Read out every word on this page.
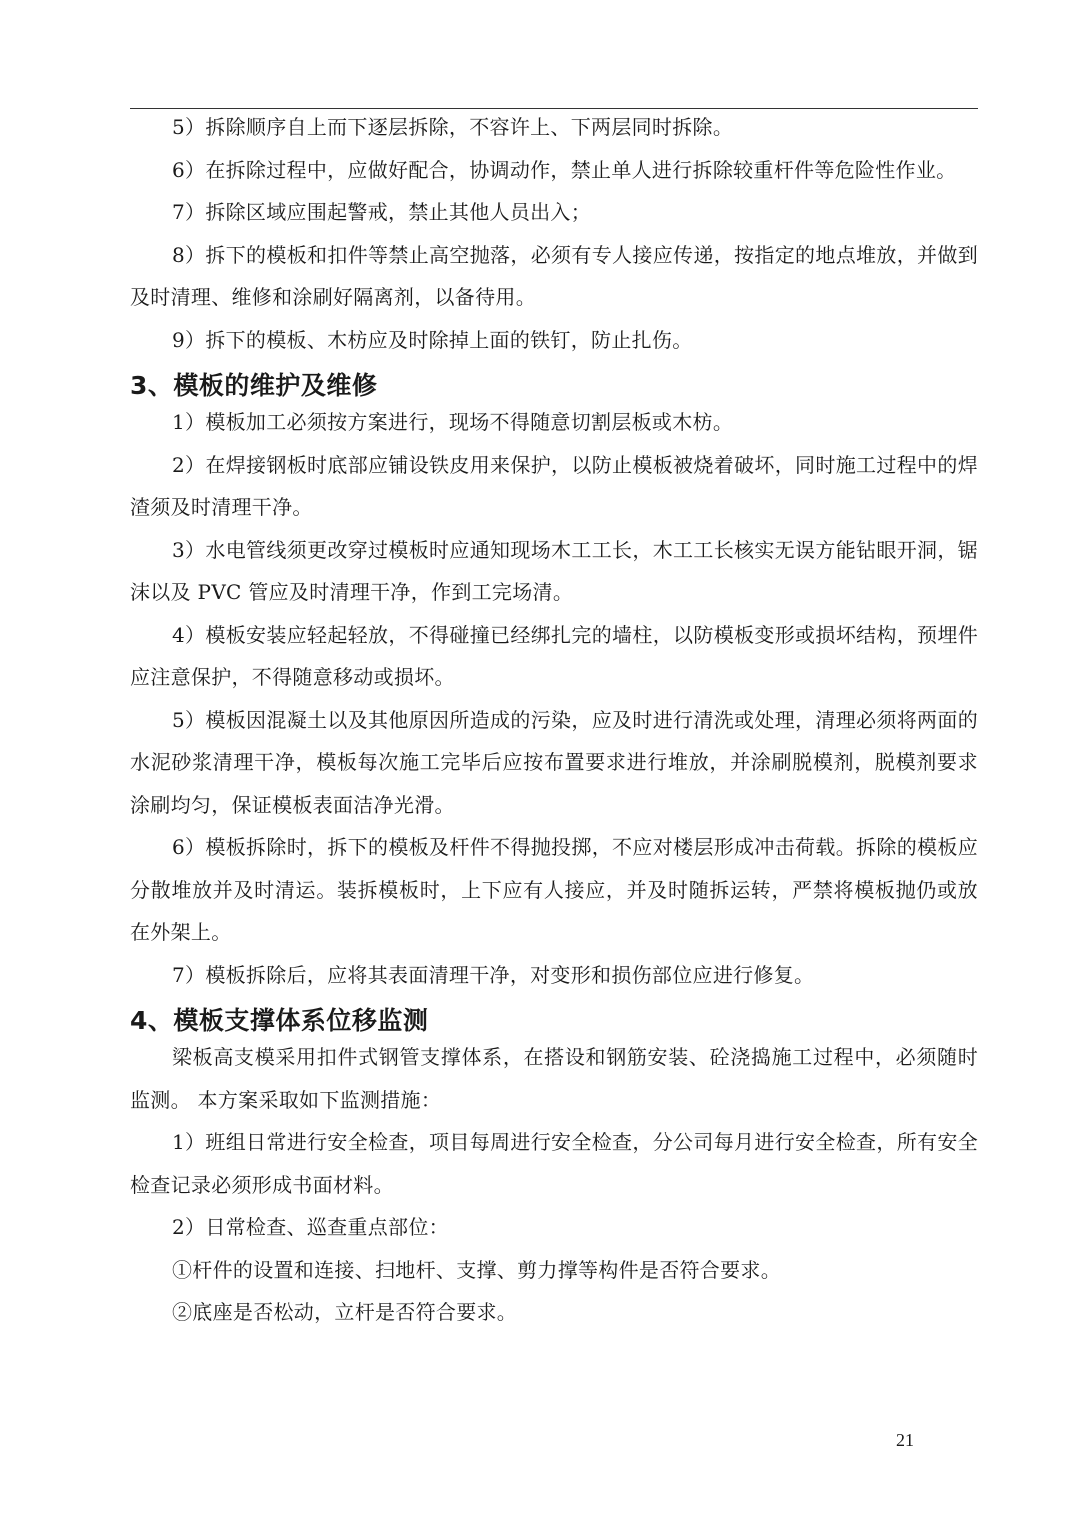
5）拆除顺序自上而下逐层拆除，不容许上、下两层同时拆除。

6）在拆除过程中，应做好配合，协调动作，禁止单人进行拆除较重杆件等危险性作业。

7）拆除区域应围起警戒，禁止其他人员出入；

8）拆下的模板和扣件等禁止高空抛落，必须有专人接应传递，按指定的地点堆放，并做到及时清理、维修和涂刷好隔离剂，以备待用。

9）拆下的模板、木枋应及时除掉上面的铁钉，防止扎伤。

3、模板的维护及维修

1）模板加工必须按方案进行，现场不得随意切割层板或木枋。

2）在焊接钢板时底部应铺设铁皮用来保护，以防止模板被烧着破坏，同时施工过程中的焊渣须及时清理干净。

3）水电管线须更改穿过模板时应通知现场木工工长，木工工长核实无误方能钻眼开洞，锯沫以及 PVC 管应及时清理干净，作到工完场清。

4）模板安装应轻起轻放，不得碰撞已经绑扎完的墙柱，以防模板变形或损坏结构，预埋件应注意保护，不得随意移动或损坏。

5）模板因混凝土以及其他原因所造成的污染，应及时进行清洗或处理，清理必须将两面的水泥砂浆清理干净，模板每次施工完毕后应按布置要求进行堆放，并涂刷脱模剂，脱模剂要求涂刷均匀，保证模板表面洁净光滑。

6）模板拆除时，拆下的模板及杆件不得抛投掷，不应对楼层形成冲击荷载。拆除的模板应分散堆放并及时清运。装拆模板时，上下应有人接应，并及时随拆运转，严禁将模板抛仍或放在外架上。

7）模板拆除后，应将其表面清理干净，对变形和损伤部位应进行修复。

4、模板支撑体系位移监测

梁板高支模采用扣件式钢管支撑体系，在搭设和钢筋安装、砼浇捣施工过程中，必须随时监测。 本方案采取如下监测措施：

1）班组日常进行安全检查，项目每周进行安全检查，分公司每月进行安全检查，所有安全检查记录必须形成书面材料。

2）日常检查、巡查重点部位：

①杆件的设置和连接、扫地杆、支撑、剪力撑等构件是否符合要求。

②底座是否松动，立杆是否符合要求。

21
